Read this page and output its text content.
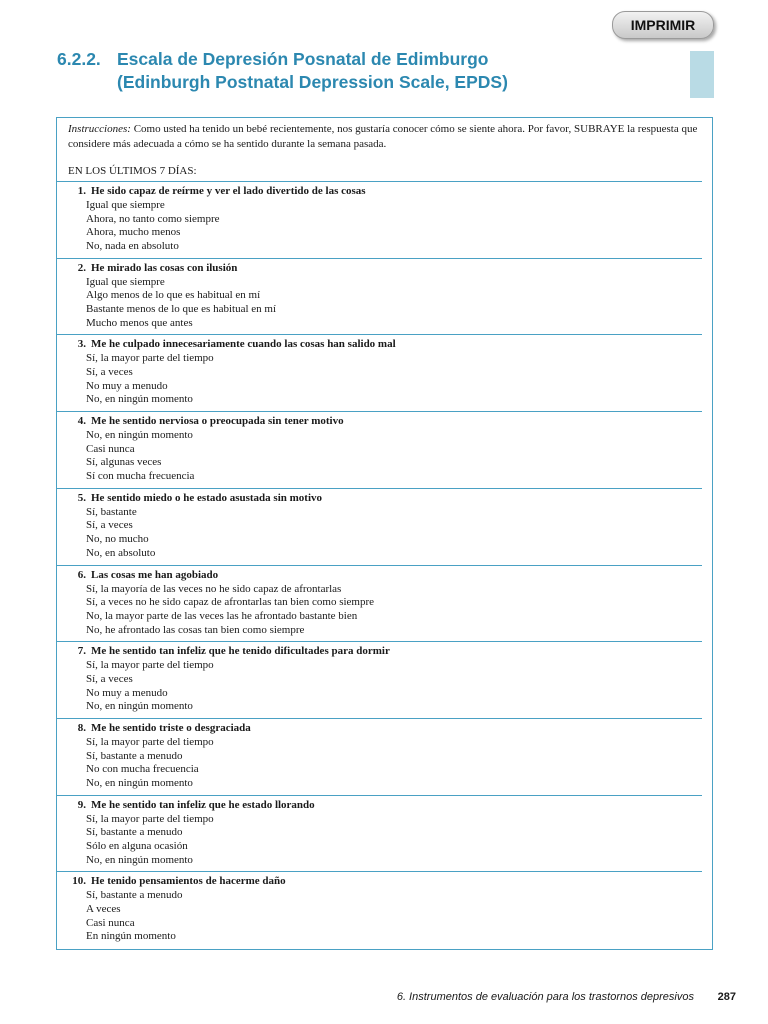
IMPRIMIR
6.2.2. Escala de Depresión Posnatal de Edimburgo
(Edinburgh Postnatal Depression Scale, EPDS)
Instrucciones: Como usted ha tenido un bebé recientemente, nos gustaría conocer cómo se siente ahora. Por favor, SUBRAYE la respuesta que considere más adecuada a cómo se ha sentido durante la semana pasada.
EN LOS ÚLTIMOS 7 DÍAS:
1. He sido capaz de reírme y ver el lado divertido de las cosas
Igual que siempre
Ahora, no tanto como siempre
Ahora, mucho menos
No, nada en absoluto
2. He mirado las cosas con ilusión
Igual que siempre
Algo menos de lo que es habitual en mí
Bastante menos de lo que es habitual en mí
Mucho menos que antes
3. Me he culpado innecesariamente cuando las cosas han salido mal
Sí, la mayor parte del tiempo
Sí, a veces
No muy a menudo
No, en ningún momento
4. Me he sentido nerviosa o preocupada sin tener motivo
No, en ningún momento
Casi nunca
Sí, algunas veces
Sí con mucha frecuencia
5. He sentido miedo o he estado asustada sin motivo
Sí, bastante
Sí, a veces
No, no mucho
No, en absoluto
6. Las cosas me han agobiado
Sí, la mayoría de las veces no he sido capaz de afrontarlas
Sí, a veces no he sido capaz de afrontarlas tan bien como siempre
No, la mayor parte de las veces las he afrontado bastante bien
No, he afrontado las cosas tan bien como siempre
7. Me he sentido tan infeliz que he tenido dificultades para dormir
Sí, la mayor parte del tiempo
Sí, a veces
No muy a menudo
No, en ningún momento
8. Me he sentido triste o desgraciada
Sí, la mayor parte del tiempo
Sí, bastante a menudo
No con mucha frecuencia
No, en ningún momento
9. Me he sentido tan infeliz que he estado llorando
Sí, la mayor parte del tiempo
Sí, bastante a menudo
Sólo en alguna ocasión
No, en ningún momento
10. He tenido pensamientos de hacerme daño
Sí, bastante a menudo
A veces
Casi nunca
En ningún momento
6. Instrumentos de evaluación para los trastornos depresivos 287
